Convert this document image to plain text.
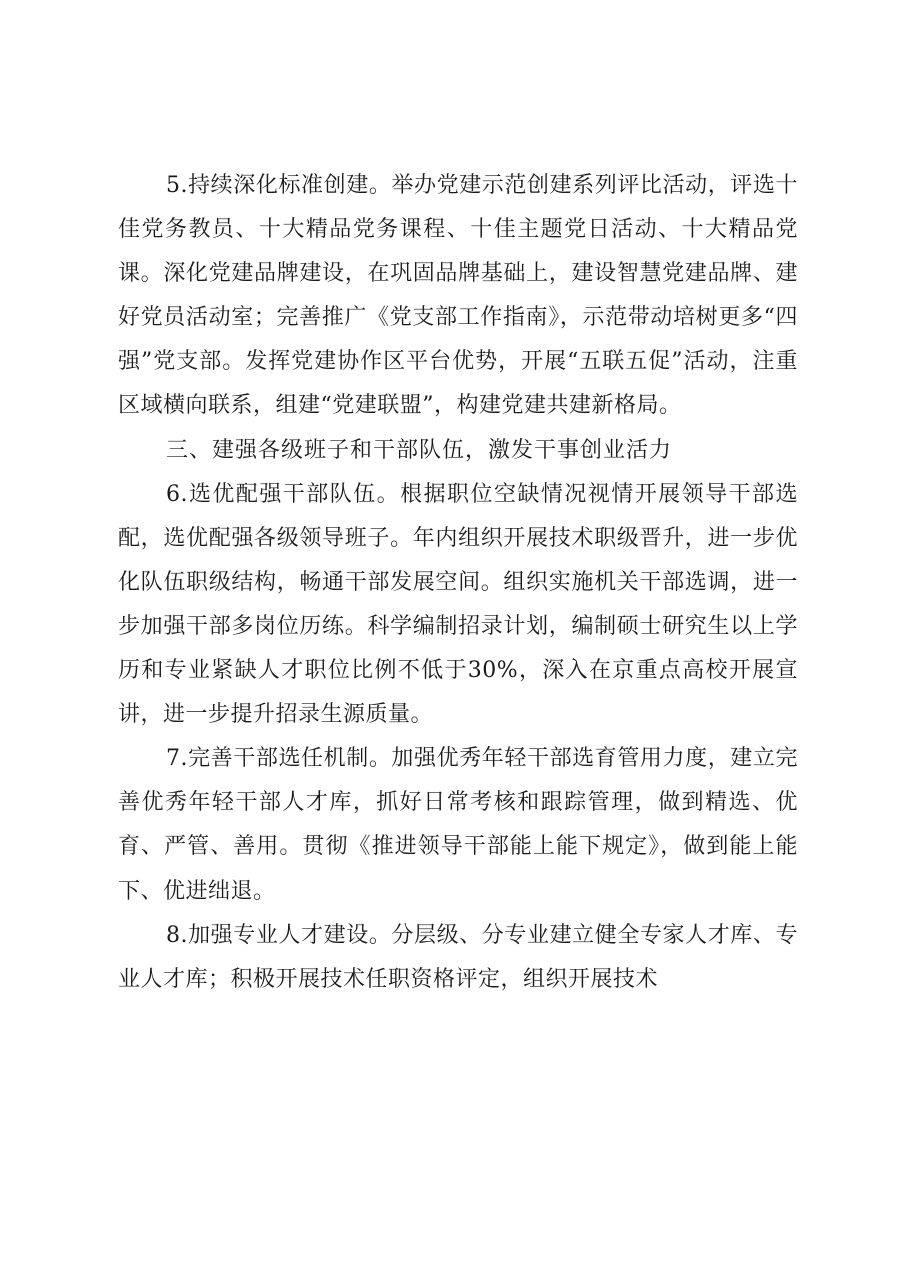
5.持续深化标准创建。举办党建示范创建系列评比活动，评选十佳党务教员、十大精品党务课程、十佳主题党日活动、十大精品党课。深化党建品牌建设，在巩固品牌基础上，建设智慧党建品牌、建好党员活动室；完善推广《党支部工作指南》，示范带动培树更多“四强”党支部。发挥党建协作区平台优势，开展“五联五促”活动，注重区域横向联系，组建“党建联盟”，构建党建共建新格局。

三、建强各级班子和干部队伍，激发干事创业活力

6.选优配强干部队伍。根据职位空缺情况视情开展领导干部选配，选优配强各级领导班子。年内组织开展技术职级晋升，进一步优化队伍职级结构，畅通干部发展空间。组织实施机关干部选调，进一步加强干部多岗位历练。科学编制招录计划，编制硕士研究生以上学历和专业紧缺人才职位比例不低于30%，深入在京重点高校开展宣讲，进一步提升招录生源质量。

7.完善干部选任机制。加强优秀年轻干部选育管用力度，建立完善优秀年轻干部人才库，抓好日常考核和跟踪管理，做到精选、优育、严管、善用。贯彻《推进领导干部能上能下规定》，做到能上能下、优进绌退。

8.加强专业人才建设。分层级、分专业建立健全专家人才库、专业人才库；积极开展技术任职资格评定，组织开展技术
